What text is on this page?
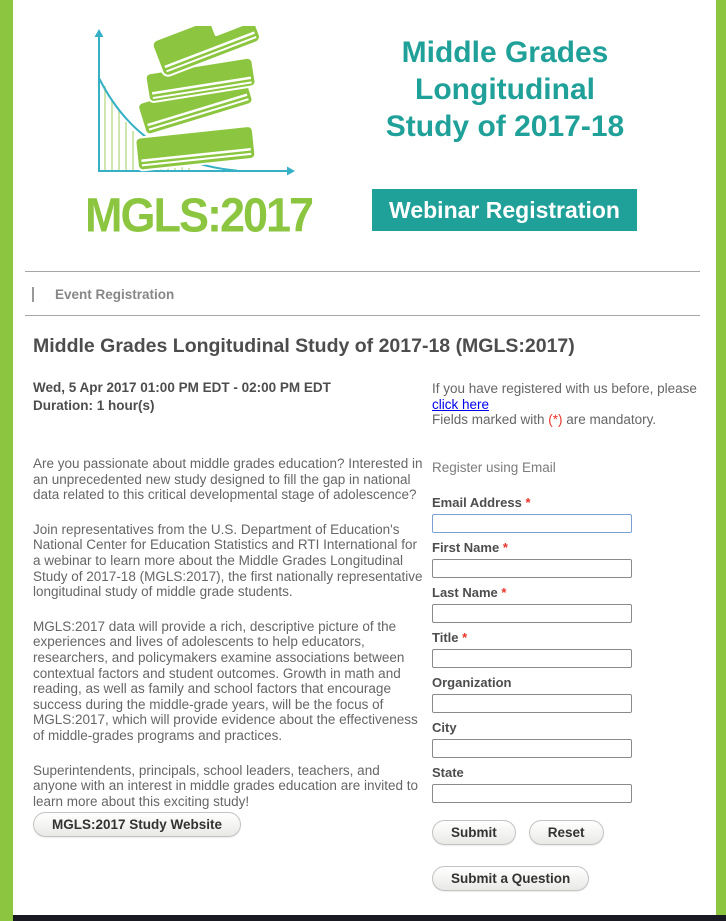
MGLS:2017
Middle Grades
Longitudinal
Study of 2017-18
Webinar Registration
Event Registration
Middle Grades Longitudinal Study of 2017-18 (MGLS:2017)
Wed, 5 Apr 2017 01:00 PM EDT - 02:00 PM EDT
Duration: 1 hour(s)

Are you passionate about middle grades education? Interested in an unprecedented new study designed to fill the gap in national data related to this critical developmental stage of adolescence?

Join representatives from the U.S. Department of Education's National Center for Education Statistics and RTI International for a webinar to learn more about the Middle Grades Longitudinal Study of 2017-18 (MGLS:2017), the first nationally representative longitudinal study of middle grade students.

MGLS:2017 data will provide a rich, descriptive picture of the experiences and lives of adolescents to help educators, researchers, and policymakers examine associations between contextual factors and student outcomes. Growth in math and reading, as well as family and school factors that encourage success during the middle-grade years, will be the focus of MGLS:2017, which will provide evidence about the effectiveness of middle-grades programs and practices.

Superintendents, principals, school leaders, teachers, and anyone with an interest in middle grades education are invited to learn more about this exciting study!

MGLS:2017 Study Website
If you have registered with us before, please
click here
Fields marked with (*) are mandatory.
Register using Email
Email Address *
First Name *
Last Name *
Title *
Organization
City
State
Submit	Reset
Submit a Question
